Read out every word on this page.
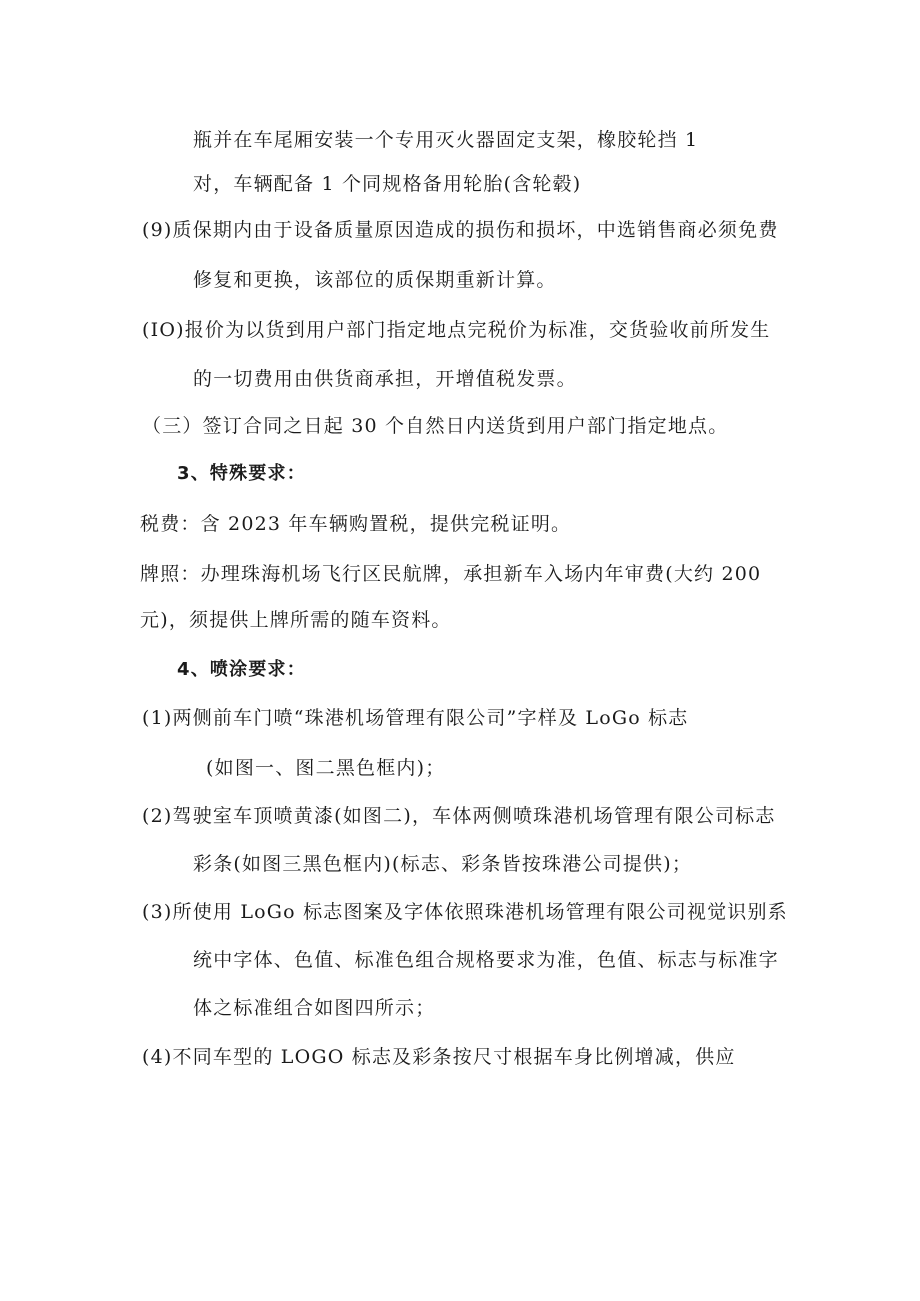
瓶并在车尾厢安装一个专用灭火器固定支架，橡胶轮挡 1
对，车辆配备 1 个同规格备用轮胎(含轮毂)
(9)质保期内由于设备质量原因造成的损伤和损坏，中选销售商必须免费
修复和更换，该部位的质保期重新计算。
(IO)报价为以货到用户部门指定地点完税价为标准，交货验收前所发生
的一切费用由供货商承担，开增值税发票。
（三）签订合同之日起 30 个自然日内送货到用户部门指定地点。
3、特殊要求：
税费：含 2023 年车辆购置税，提供完税证明。
牌照：办理珠海机场飞行区民航牌，承担新车入场内年审费(大约 200
元)，须提供上牌所需的随车资料。
4、喷涂要求：
(1)两侧前车门喷“珠港机场管理有限公司”字样及 LoGo 标志
(如图一、图二黑色框内)；
(2)驾驶室车顶喷黄漆(如图二)，车体两侧喷珠港机场管理有限公司标志
彩条(如图三黑色框内)(标志、彩条皆按珠港公司提供)；
(3)所使用 LoGo 标志图案及字体依照珠港机场管理有限公司视觉识别系
统中字体、色值、标准色组合规格要求为准，色值、标志与标准字
体之标准组合如图四所示；
(4)不同车型的 LOGO 标志及彩条按尺寸根据车身比例增减，供应
